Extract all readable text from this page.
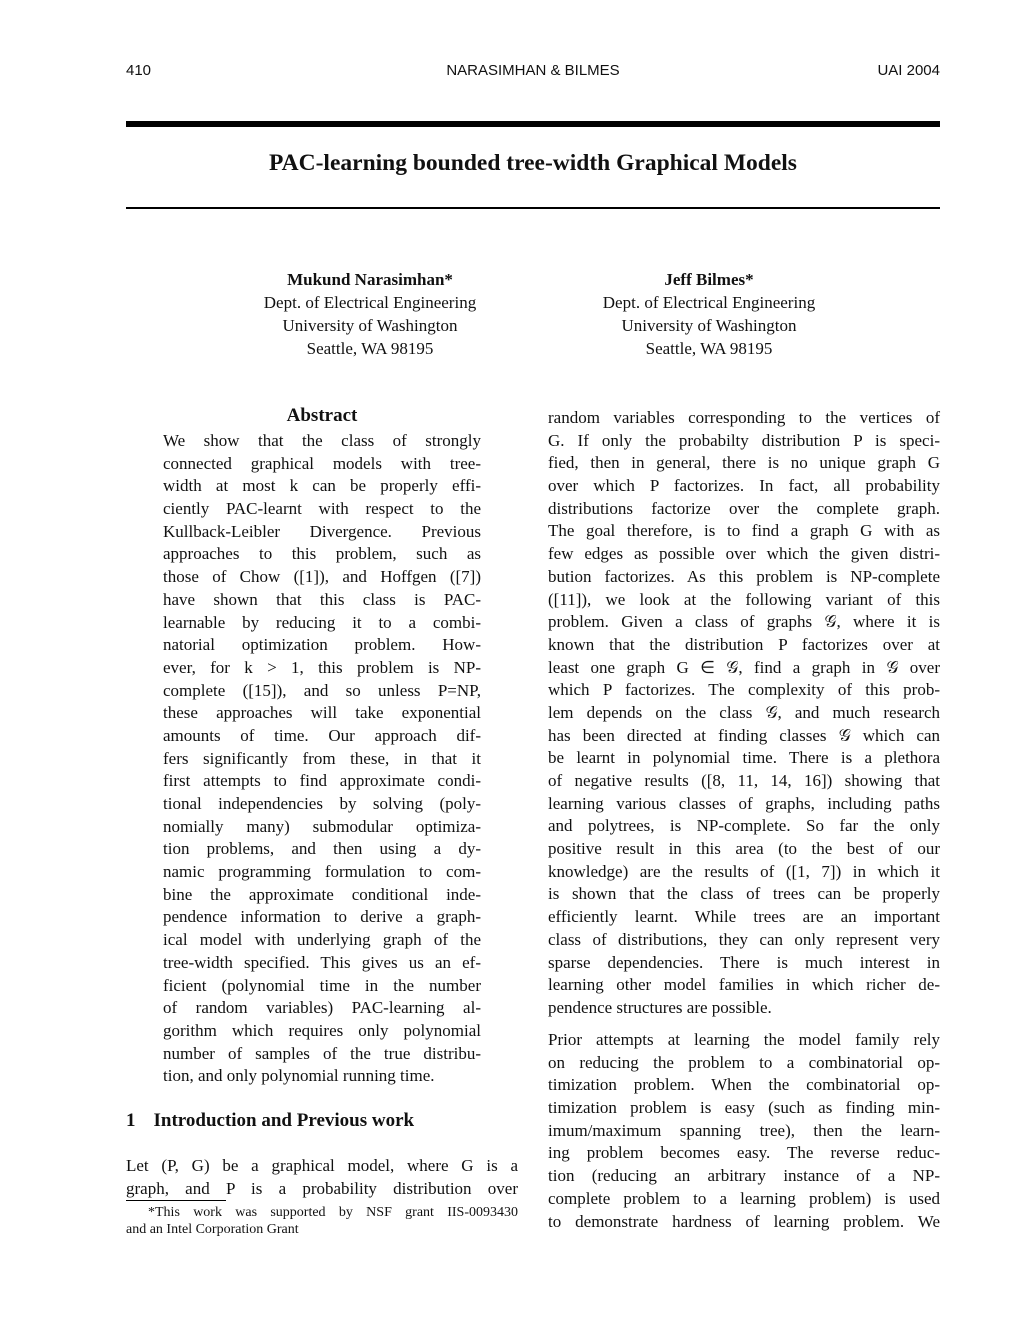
410	NARASIMHAN & BILMES	UAI 2004
PAC-learning bounded tree-width Graphical Models
Mukund Narasimhan*
Dept. of Electrical Engineering
University of Washington
Seattle, WA 98195
Jeff Bilmes*
Dept. of Electrical Engineering
University of Washington
Seattle, WA 98195
Abstract
We show that the class of strongly
connected graphical models with tree-
width at most k can be properly effi-
ciently PAC-learnt with respect to the
Kullback-Leibler Divergence. Previous
approaches to this problem, such as
those of Chow ([1]), and Hoffgen ([7])
have shown that this class is PAC-
learnable by reducing it to a combi-
natorial optimization problem. How-
ever, for k > 1, this problem is NP-
complete ([15]), and so unless P=NP,
these approaches will take exponential
amounts of time. Our approach dif-
fers significantly from these, in that it
first attempts to find approximate condi-
tional independencies by solving (poly-
nomially many) submodular optimiza-
tion problems, and then using a dy-
namic programming formulation to com-
bine the approximate conditional inde-
pendence information to derive a graph-
ical model with underlying graph of the
tree-width specified. This gives us an ef-
ficient (polynomial time in the number
of random variables) PAC-learning al-
gorithm which requires only polynomial
number of samples of the true distribu-
tion, and only polynomial running time.
1 Introduction and Previous work
Let (P, G) be a graphical model, where G is a
graph, and P is a probability distribution over
*This work was supported by NSF grant IIS-0093430
and an Intel Corporation Grant
random variables corresponding to the vertices of
G. If only the probabilty distribution P is speci-
fied, then in general, there is no unique graph G
over which P factorizes. In fact, all probability
distributions factorize over the complete graph.
The goal therefore, is to find a graph G with as
few edges as possible over which the given distri-
bution factorizes. As this problem is NP-complete
([11]), we look at the following variant of this
problem. Given a class of graphs 𝒢, where it is
known that the distribution P factorizes over at
least one graph G ∈ 𝒢, find a graph in 𝒢 over
which P factorizes. The complexity of this prob-
lem depends on the class 𝒢, and much research
has been directed at finding classes 𝒢 which can
be learnt in polynomial time. There is a plethora
of negative results ([8, 11, 14, 16]) showing that
learning various classes of graphs, including paths
and polytrees, is NP-complete. So far the only
positive result in this area (to the best of our
knowledge) are the results of ([1, 7]) in which it
is shown that the class of trees can be properly
efficiently learnt. While trees are an important
class of distributions, they can only represent very
sparse dependencies. There is much interest in
learning other model families in which richer de-
pendence structures are possible.
Prior attempts at learning the model family rely
on reducing the problem to a combinatorial op-
timization problem. When the combinatorial op-
timization problem is easy (such as finding min-
imum/maximum spanning tree), then the learn-
ing problem becomes easy. The reverse reduc-
tion (reducing an arbitrary instance of a NP-
complete problem to a learning problem) is used
to demonstrate hardness of learning problem. We
